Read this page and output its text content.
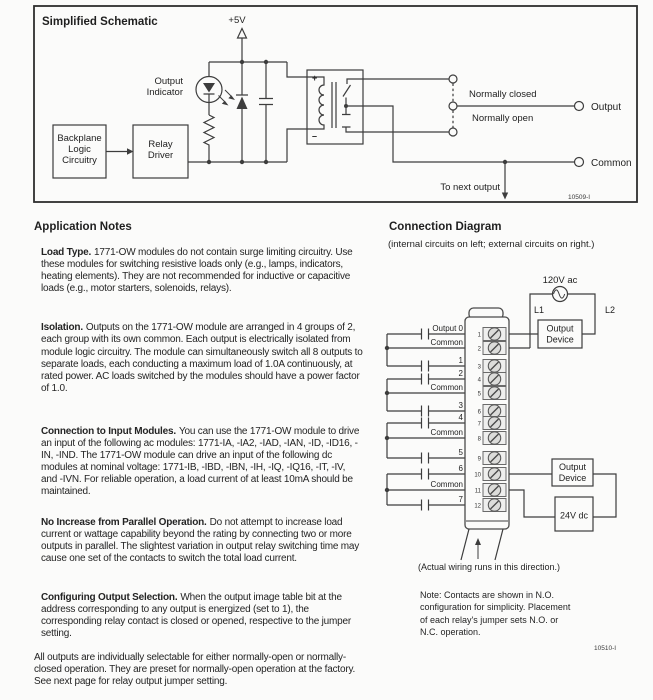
Simplified Schematic	+5V
Output
Indicator
Backplane
Logic
Circuitry
Relay
Driver
+
–
Normally closed
Normally open
Output
Common
To next output
10509-I
Output 0
Common
1
2
Common
3
4
Common
5
6
Common
7
1
2
3
4
5
6
7
8
9
10
11
12
120V ac
L1	L2
Output
Device
Output
Device
24V dc
Application Notes

Load Type. 1771-OW modules do not contain surge limiting circuitry. Use these modules for switching resistive loads only (e.g., lamps, indicators, heating elements). They are not recommended for inductive or capacitive loads (e.g., motor starters, solenoids, relays).

Isolation. Outputs on the 1771-OW module are arranged in 4 groups of 2, each group with its own common. Each output is electrically isolated from module logic circuitry. The module can simultaneously switch all 8 outputs to separate loads, each conducting a maximum load of 1.0A continuously, at rated power. AC loads switched by the modules should have a power factor of 1.0.

Connection to Input Modules. You can use the 1771-OW module to drive an input of the following ac modules: 1771-IA, -IA2, -IAD, -IAN, -ID, -ID16, -IN, -IND. The 1771-OW module can drive an input of the following dc modules at nominal voltage: 1771-IB, -IBD, -IBN, -IH, -IQ, -IQ16, -IT, -IV, and -IVN. For reliable operation, a load current of at least 10mA should be maintained.

No Increase from Parallel Operation. Do not attempt to increase load current or wattage capability beyond the rating by connecting two or more outputs in parallel. The slightest variation in output relay switching time may cause one set of the contacts to switch the total load current.

Configuring Output Selection. When the output image table bit at the address corresponding to any output is energized (set to 1), the corresponding relay contact is closed or opened, respective to the jumper setting.

All outputs are individually selectable for either normally-open or normally-closed operation. They are preset for normally-open operation at the factory. See next page for relay output jumper setting.

Connection Diagram
(internal circuits on left; external circuits on right.)
(Actual wiring runs in this direction.)
Note: Contacts are shown in N.O.
configuration for simplicity. Placement
of each relay's jumper sets N.O. or
N.C. operation.
10510-I
